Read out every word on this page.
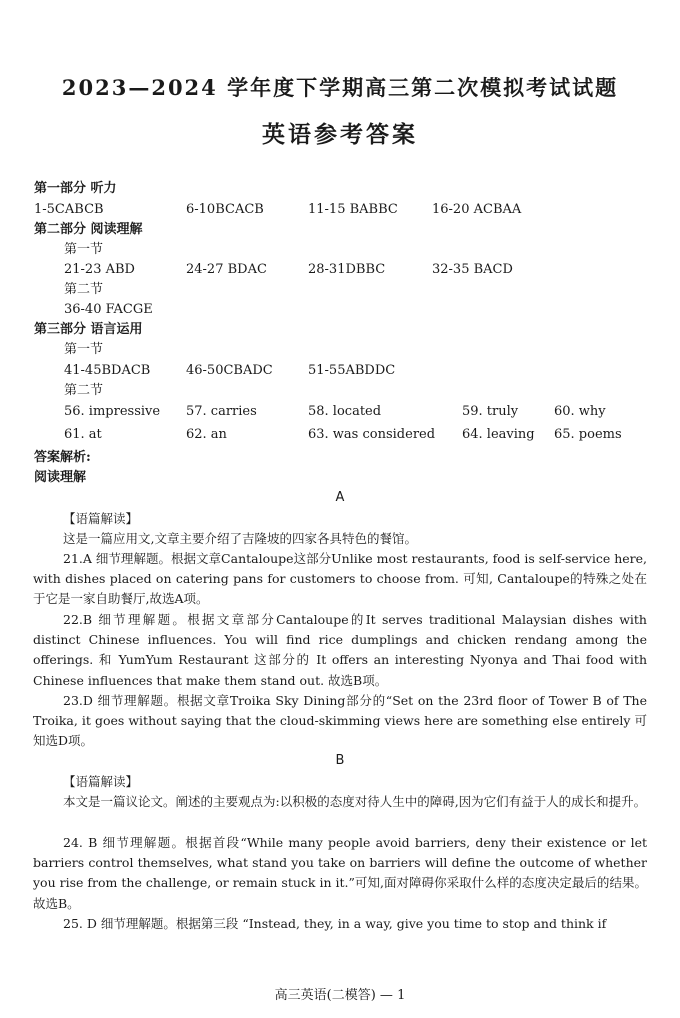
2023—2024 学年度下学期高三第二次模拟考试试题
英语参考答案
第一部分 听力
1-5CABCB	6-10BCACB	11-15 BABBC	16-20 ACBAA
第二部分 阅读理解
第一节
21-23 ABD	24-27 BDAC	28-31DBBC	32-35 BACD
第二节
36-40 FACGE
第三部分 语言运用
第一节
41-45BDACB	46-50CBADC	51-55ABDDC
第二节
56. impressive 57. carries	58. located	59. truly	60. why
61. at	62. an	63. was considered 64. leaving 65. poems
答案解析:
阅读理解
A

【语篇解读】

这是一篇应用文,文章主要介绍了吉隆坡的四家各具特色的餐馆。

21.A 细节理解题。根据文章Cantaloupe这部分Unlike most restaurants, food is self-service here, with dishes placed on catering pans for customers to choose from. 可知, Cantaloupe的特殊之处在于它是一家自助餐厅,故选A项。

22.B 细节理解题。根据文章部分Cantaloupe的It serves traditional Malaysian dishes with distinct Chinese influences. You will find rice dumplings and chicken rendang among the offerings. 和 YumYum Restaurant 这部分的 It offers an interesting Nyonya and Thai food with Chinese influences that make them stand out. 故选B项。

23.D 细节理解题。根据文章Troika Sky Dining部分的“Set on the 23rd floor of Tower B of The Troika, it goes without saying that the cloud-skimming views here are something else entirely 可知选D项。

B

【语篇解读】

本文是一篇议论文。阐述的主要观点为:以积极的态度对待人生中的障碍,因为它们有益于人的成长和提升。

24. B 细节理解题。根据首段“While many people avoid barriers, deny their existence or let barriers control themselves, what stand you take on barriers will define the outcome of whether you rise from the challenge, or remain stuck in it.”可知,面对障碍你采取什么样的态度决定最后的结果。故选B。

25. D 细节理解题。根据第三段 “Instead, they, in a way, give you time to stop and think if

高三英语(二模答) — 1
